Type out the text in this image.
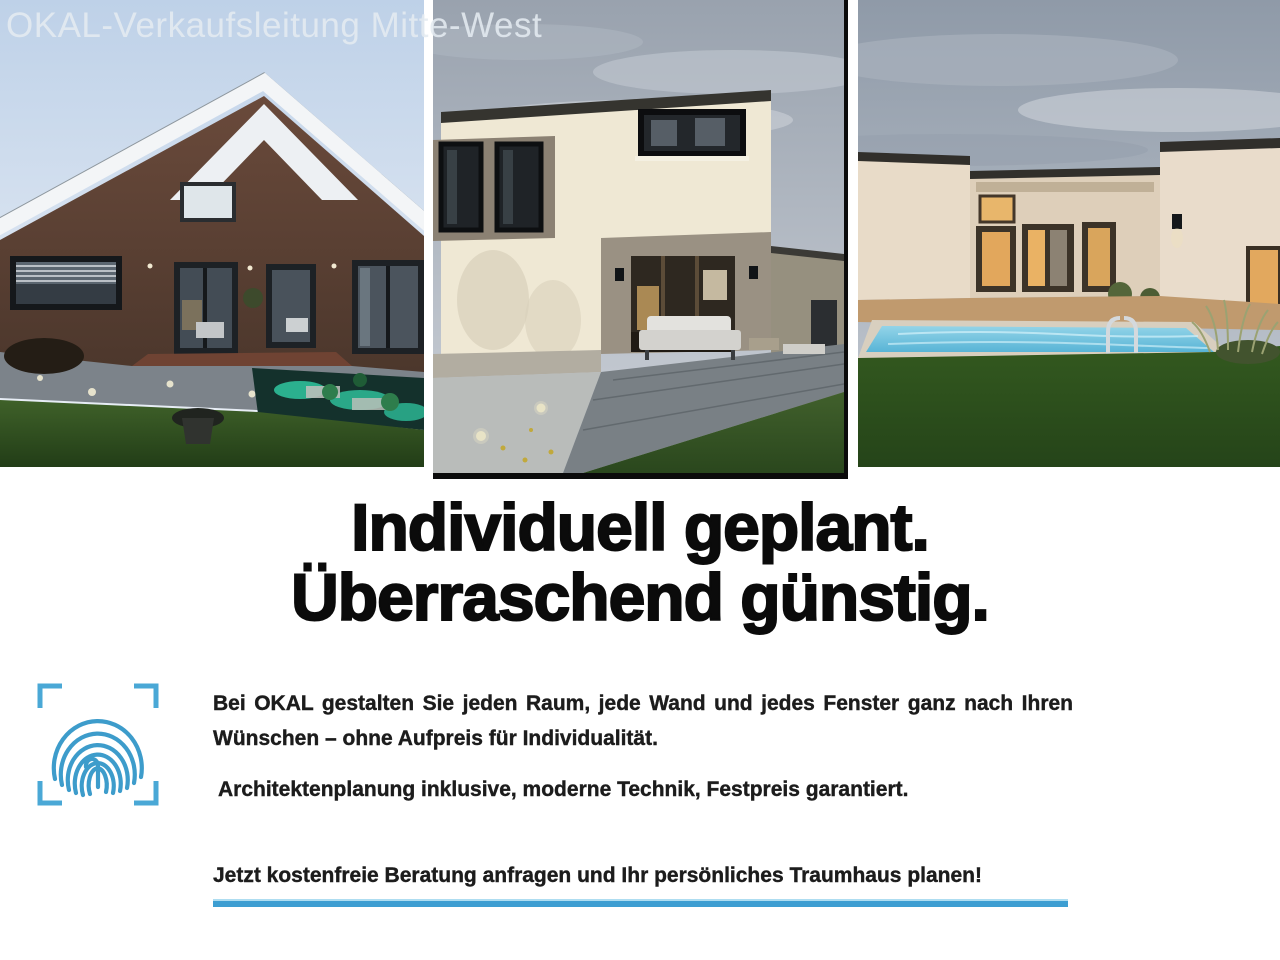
OKAL-Verkaufsleitung Mitte-West
Individuell geplant.
Überraschend günstig.

Bei OKAL gestalten Sie jeden Raum, jede Wand und jedes Fenster ganz nach Ihren Wünschen – ohne Aufpreis für Individualität.

Architektenplanung inklusive, moderne Technik, Festpreis garantiert.

Jetzt kostenfreie Beratung anfragen und Ihr persönliches Traumhaus planen!
